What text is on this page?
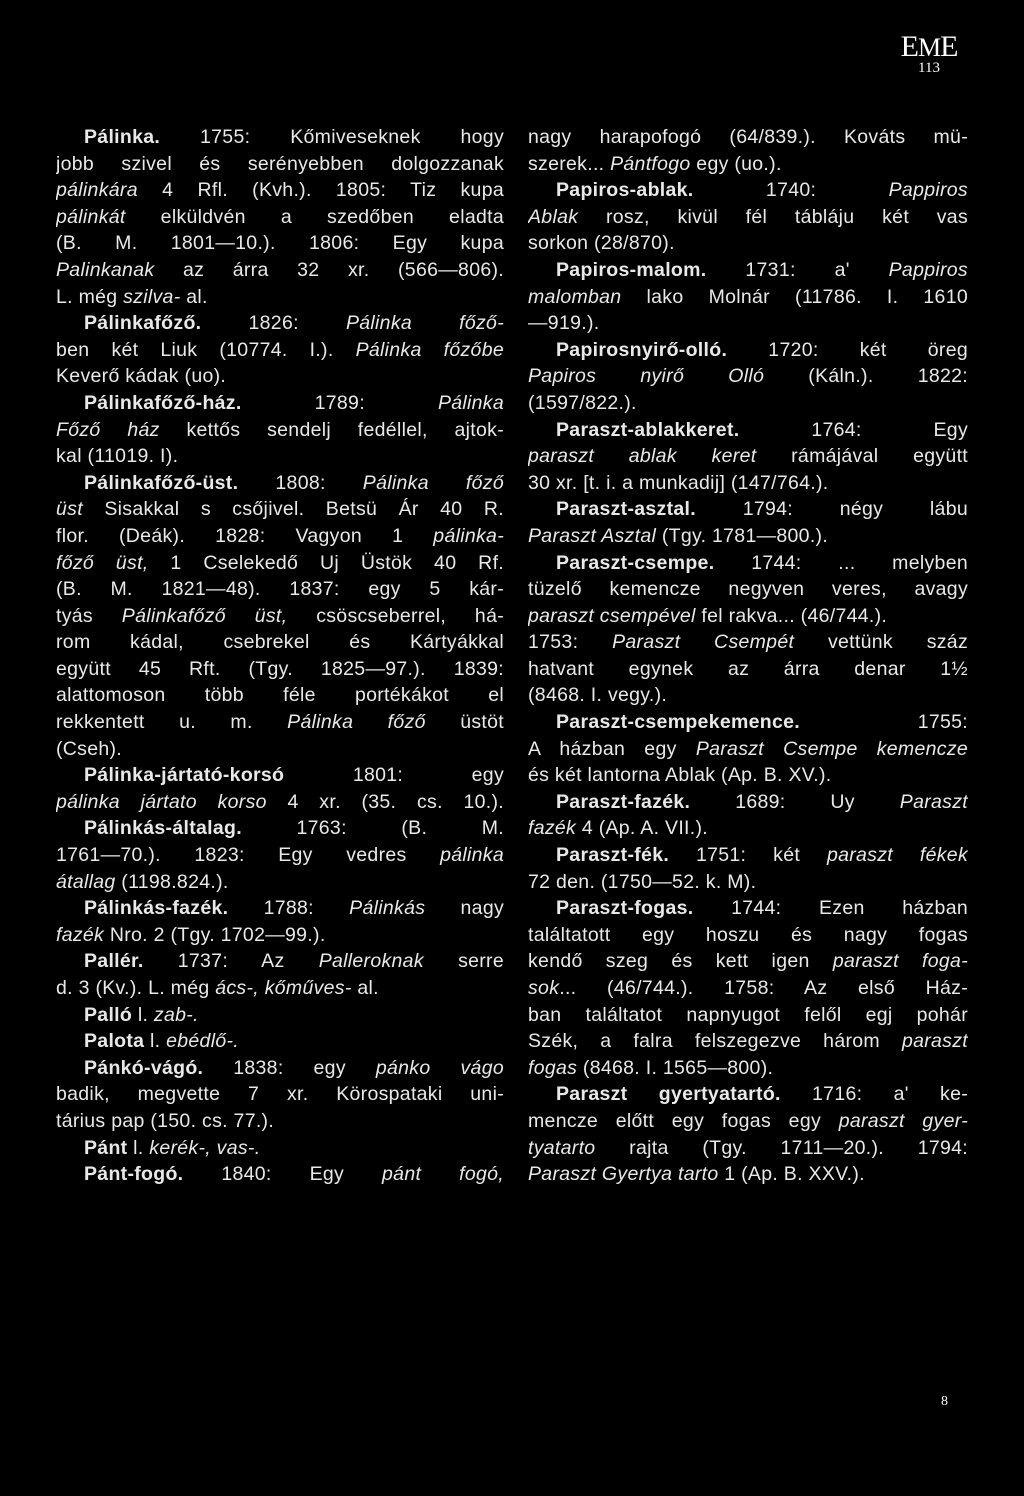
EME
113
Pálinka. 1755: Kőmiveseknek hogy
jobb szivel és serényebben dolgozzanak
pálinkára 4 Rfl. (Kvh.). 1805: Tiz kupa
pálinkát elküldvén a szedőben eladta
(B. M. 1801—10.). 1806: Egy kupa
Palinkanak az árra 32 xr. (566—806).
L. még szilva- al.
Pálinkafőző. 1826: Pálinka főző-
ben két Liuk (10774. I.). Pálinka főzőbe
Keverő kádak (uo).
Pálinkafőző-ház. 1789: Pálinka
Főző ház kettős sendelj fedéllel, ajtok-
kal (11019. I).
Pálinkafőző-üst. 1808: Pálinka főző
üst Sisakkal s csőjivel. Betsü Ár 40 R.
flor. (Deák). 1828: Vagyon 1 pálinka-
főző üst, 1 Cselekedő Uj Üstök 40 Rf.
(B. M. 1821—48). 1837: egy 5 kár-
tyás Pálinkafőző üst, csöscseberrel, há-
rom kádal, csebrekel és Kártyákkal
együtt 45 Rft. (Tgy. 1825—97.). 1839:
alattomoson több féle portékákot el
rekkentett u. m. Pálinka főző üstöt
(Cseh).
Pálinka-jártató-korsó 1801: egy
pálinka jártato korso 4 xr. (35. cs. 10.).
Pálinkás-általag. 1763: (B. M.
1761—70.). 1823: Egy vedres pálinka
átallag (1198.824.).
Pálinkás-fazék. 1788: Pálinkás nagy
fazék Nro. 2 (Tgy. 1702—99.).
Pallér. 1737: Az Palleroknak serre
d. 3 (Kv.). L. még ács-, kőműves- al.
Palló l. zab-.
Palota l. ebédlő-.
Pánkó-vágó. 1838: egy pánko vágo
badik, megvette 7 xr. Körospataki uni-
tárius pap (150. cs. 77.).
Pánt l. kerék-, vas-.
Pánt-fogó. 1840: Egy pánt fogó,
nagy harapofogó (64/839.). Kováts mü-
szerek... Pántfogo egy (uo.).
Papiros-ablak. 1740: Pappiros
Ablak rosz, kivül fél tábláju két vas
sorkon (28/870).
Papiros-malom. 1731: a' Pappiros
malomban lako Molnár (11786. I. 1610
—919.).
Papirosnyirő-olló. 1720: két öreg
Papiros nyirő Olló (Káln.). 1822:
(1597/822.).
Paraszt-ablakkeret. 1764: Egy
paraszt ablak keret rámájával együtt
30 xr. [t. i. a munkadij] (147/764.).
Paraszt-asztal. 1794: négy lábu
Paraszt Asztal (Tgy. 1781—800.).
Paraszt-csempe. 1744: ... melyben
tüzelő kemencze negyven veres, avagy
paraszt csempével fel rakva... (46/744.).
1753: Paraszt Csempét vettünk száz
hatvant egynek az árra denar 1½
(8468. I. vegy.).
Paraszt-csempekemence. 1755:
A házban egy Paraszt Csempe kemencze
és két lantorna Ablak (Ap. B. XV.).
Paraszt-fazék. 1689: Uy Paraszt
fazék 4 (Ap. A. VII.).
Paraszt-fék. 1751: két paraszt fékek
72 den. (1750—52. k. M).
Paraszt-fogas. 1744: Ezen házban
találtatott egy hoszu és nagy fogas
kendő szeg és kett igen paraszt foga-
sok... (46/744.). 1758: Az első Ház-
ban találtatot napnyugot felől egj pohár
Szék, a falra felszegezve három paraszt
fogas (8468. I. 1565—800).
Paraszt gyertyatartó. 1716: a' ke-
mencze előtt egy fogas egy paraszt gyer-
tyatarto rajta (Tgy. 1711—20.). 1794:
Paraszt Gyertya tarto 1 (Ap. B. XXV.).
8
